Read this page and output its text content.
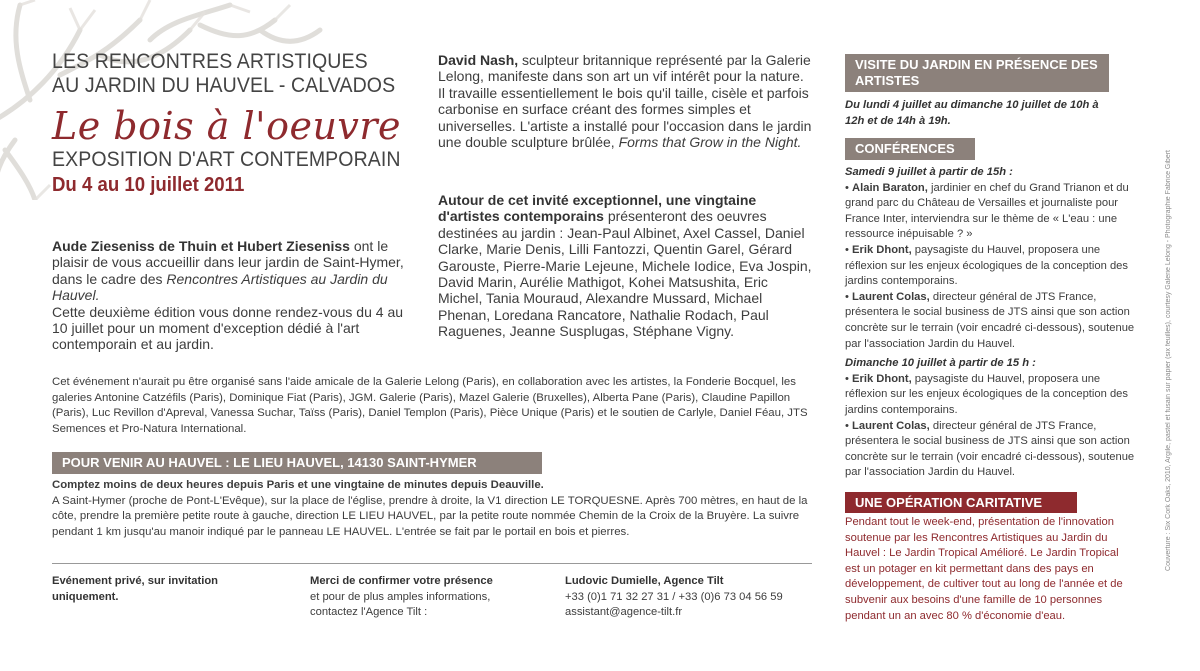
LES RENCONTRES ARTISTIQUES
AU JARDIN DU HAUVEL - CALVADOS
Le bois à l'oeuvre
EXPOSITION D'ART CONTEMPORAIN
Du 4 au 10 juillet 2011
Aude Zieseniss de Thuin et Hubert Zieseniss ont le plaisir de vous accueillir dans leur jardin de Saint-Hymer, dans le cadre des Rencontres Artistiques au Jardin du Hauvel.
Cette deuxième édition vous donne rendez-vous du 4 au 10 juillet pour un moment d'exception dédié à l'art contemporain et au jardin.
David Nash, sculpteur britannique représenté par la Galerie Lelong, manifeste dans son art un vif intérêt pour la nature. Il travaille essentiellement le bois qu'il taille, cisèle et parfois carbonise en surface créant des formes simples et universelles. L'artiste a installé pour l'occasion dans le jardin une double sculpture brûlée, Forms that Grow in the Night.
Autour de cet invité exceptionnel, une vingtaine d'artistes contemporains présenteront des oeuvres destinées au jardin : Jean-Paul Albinet, Axel Cassel, Daniel Clarke, Marie Denis, Lilli Fantozzi, Quentin Garel, Gérard Garouste, Pierre-Marie Lejeune, Michele Iodice, Eva Jospin, David Marin, Aurélie Mathigot, Kohei Matsushita, Eric Michel, Tania Mouraud, Alexandre Mussard, Michael Phenan, Loredana Rancatore, Nathalie Rodach, Paul Raguenes, Jeanne Susplugas, Stéphane Vigny.
Cet événement n'aurait pu être organisé sans l'aide amicale de la Galerie Lelong (Paris), en collaboration avec les artistes, la Fonderie Bocquel, les galeries Antonine Catzéfils (Paris), Dominique Fiat (Paris), JGM. Galerie (Paris), Mazel Galerie (Bruxelles), Alberta Pane (Paris), Claudine Papillon (Paris), Luc Revillon d'Apreval, Vanessa Suchar, Taïss (Paris), Daniel Templon (Paris), Pièce Unique (Paris) et le soutien de Carlyle, Daniel Féau, JTS Semences et Pro-Natura International.
POUR VENIR AU HAUVEL : LE LIEU HAUVEL, 14130 SAINT-HYMER
Comptez moins de deux heures depuis Paris et une vingtaine de minutes depuis Deauville.
A Saint-Hymer (proche de Pont-L'Evêque), sur la place de l'église, prendre à droite, la V1 direction LE TORQUESNE. Après 700 mètres, en haut de la côte, prendre la première petite route à gauche, direction LE LIEU HAUVEL, par la petite route nommée Chemin de la Croix de la Bruyère. La suivre pendant 1 km jusqu'au manoir indiqué par le panneau LE HAUVEL. L'entrée se fait par le portail en bois et pierres.
Evénement privé, sur invitation uniquement.
Merci de confirmer votre présence
et pour de plus amples informations, contactez l'Agence Tilt :
Ludovic Dumielle, Agence Tilt
+33 (0)1 71 32 27 31 / +33 (0)6 73 04 56 59
assistant@agence-tilt.fr
VISITE DU JARDIN EN PRÉSENCE DES ARTISTES
Du lundi 4 juillet au dimanche 10 juillet de 10h à 12h et de 14h à 19h.
CONFÉRENCES
Samedi 9 juillet à partir de 15h :
• Alain Baraton, jardinier en chef du Grand Trianon et du grand parc du Château de Versailles et journaliste pour France Inter, interviendra sur le thème de « L'eau : une ressource inépuisable ? »
• Erik Dhont, paysagiste du Hauvel, proposera une réflexion sur les enjeux écologiques de la conception des jardins contemporains.
• Laurent Colas, directeur général de JTS France, présentera le social business de JTS ainsi que son action concrète sur le terrain (voir encadré ci-dessous), soutenue par l'association Jardin du Hauvel.
Dimanche 10 juillet à partir de 15 h :
• Erik Dhont, paysagiste du Hauvel, proposera une réflexion sur les enjeux écologiques de la conception des jardins contemporains.
• Laurent Colas, directeur général de JTS France, présentera le social business de JTS ainsi que son action concrète sur le terrain (voir encadré ci-dessous), soutenue par l'association Jardin du Hauvel.
UNE OPÉRATION CARITATIVE
Pendant tout le week-end, présentation de l'innovation soutenue par les Rencontres Artistiques au Jardin du Hauvel : Le Jardin Tropical Amélioré. Le Jardin Tropical est un potager en kit permettant dans des pays en développement, de cultiver tout au long de l'année et de subvenir aux besoins d'une famille de 10 personnes pendant un an avec 80 % d'économie d'eau.
Couverture : Six Cork Oaks, 2010, Argile, pastel et fusain sur papier (six feuilles), courtesy Galerie Lelong - Photographie Fabrice Gibert
